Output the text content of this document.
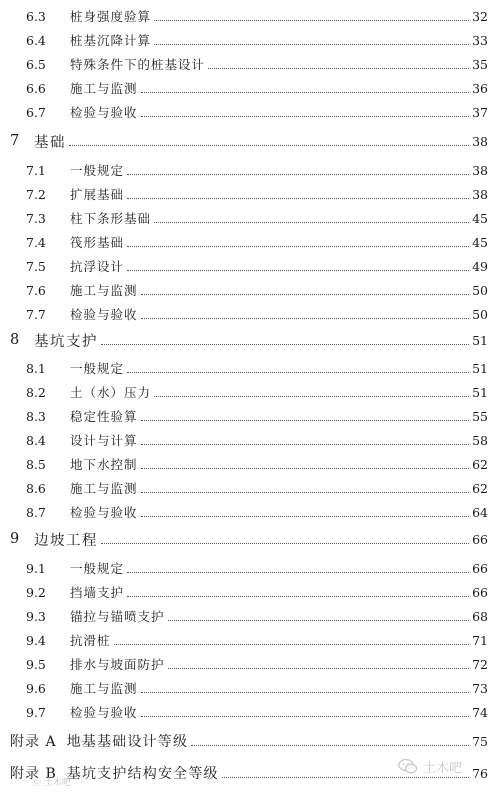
6.3	桩身强度验算	32
6.4	桩基沉降计算	33
6.5	特殊条件下的桩基设计	35
6.6	施工与监测	36
6.7	检验与验收	37
7	基础	38
7.1	一般规定	38
7.2	扩展基础	38
7.3	柱下条形基础	45
7.4	筏形基础	45
7.5	抗浮设计	49
7.6	施工与监测	50
7.7	检验与验收	50
8	基坑支护	51
8.1	一般规定	51
8.2	土（水）压力	51
8.3	稳定性验算	55
8.4	设计与计算	58
8.5	地下水控制	62
8.6	施工与监测	62
8.7	检验与验收	64
9	边坡工程	66
9.1	一般规定	66
9.2	挡墙支护	66
9.3	锚拉与锚喷支护	68
9.4	抗滑桩	71
9.5	排水与坡面防护	72
9.6	施工与监测	73
9.7	检验与验收	74
附录 A 地基基础设计等级	75
附录 B 基坑支护结构安全等级	76
Ⓒ 土木吧
土木吧
